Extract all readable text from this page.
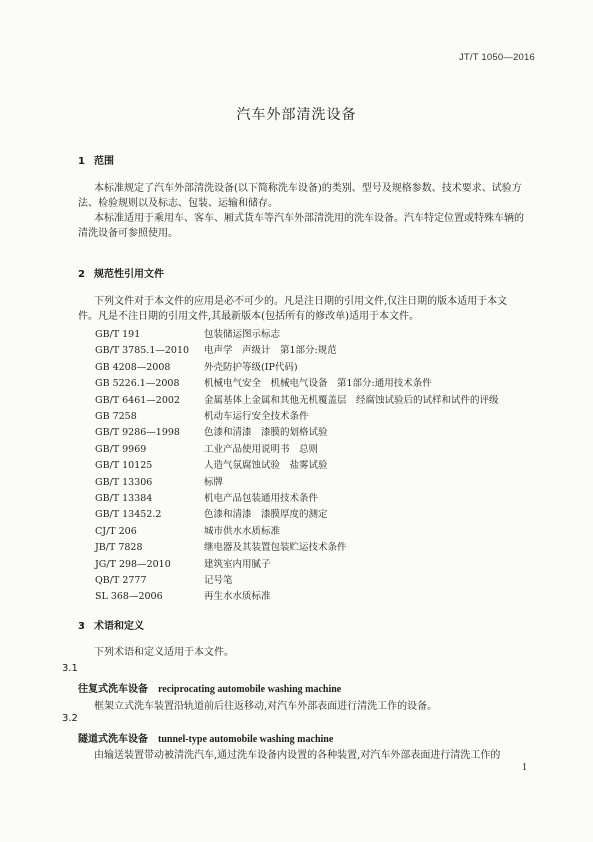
JT/T 1050—2016
汽车外部清洗设备
1 范围
本标准规定了汽车外部清洗设备(以下简称洗车设备)的类别、型号及规格参数、技术要求、试验方
法、检验规则以及标志、包装、运输和储存。
本标准适用于乘用车、客车、厢式货车等汽车外部清洗用的洗车设备。汽车特定位置或特殊车辆的
清洗设备可参照使用。
2 规范性引用文件
下列文件对于本文件的应用是必不可少的。凡是注日期的引用文件,仅注日期的版本适用于本文
件。凡是不注日期的引用文件,其最新版本(包括所有的修改单)适用于本文件。
GB/T 191	包装储运图示标志
GB/T 3785.1—2010 电声学　声级计　第1部分:规范
GB 4208—2008	外壳防护等级(IP代码)
GB 5226.1—2008	机械电气安全　机械电气设备　第1部分:通用技术条件
GB/T 6461—2002	金属基体上金属和其他无机覆盖层　经腐蚀试验后的试样和试件的评级
GB 7258	机动车运行安全技术条件
GB/T 9286—1998	色漆和清漆　漆膜的划格试验
GB/T 9969	工业产品使用说明书　总则
GB/T 10125	人造气氛腐蚀试验　盐雾试验
GB/T 13306	标牌
GB/T 13384	机电产品包装通用技术条件
GB/T 13452.2	色漆和清漆　漆膜厚度的测定
CJ/T 206	城市供水水质标准
JB/T 7828	继电器及其装置包装贮运技术条件
JG/T 298—2010	建筑室内用腻子
QB/T 2777	记号笔
SL 368—2006	再生水水质标准
3 术语和定义
下列术语和定义适用于本文件。
3.1
往复式洗车设备 reciprocating automobile washing machine
框架立式洗车装置沿轨道前后往返移动,对汽车外部表面进行清洗工作的设备。
3.2
隧道式洗车设备 tunnel-type automobile washing machine
由输送装置带动被清洗汽车,通过洗车设备内设置的各种装置,对汽车外部表面进行清洗工作的
1
